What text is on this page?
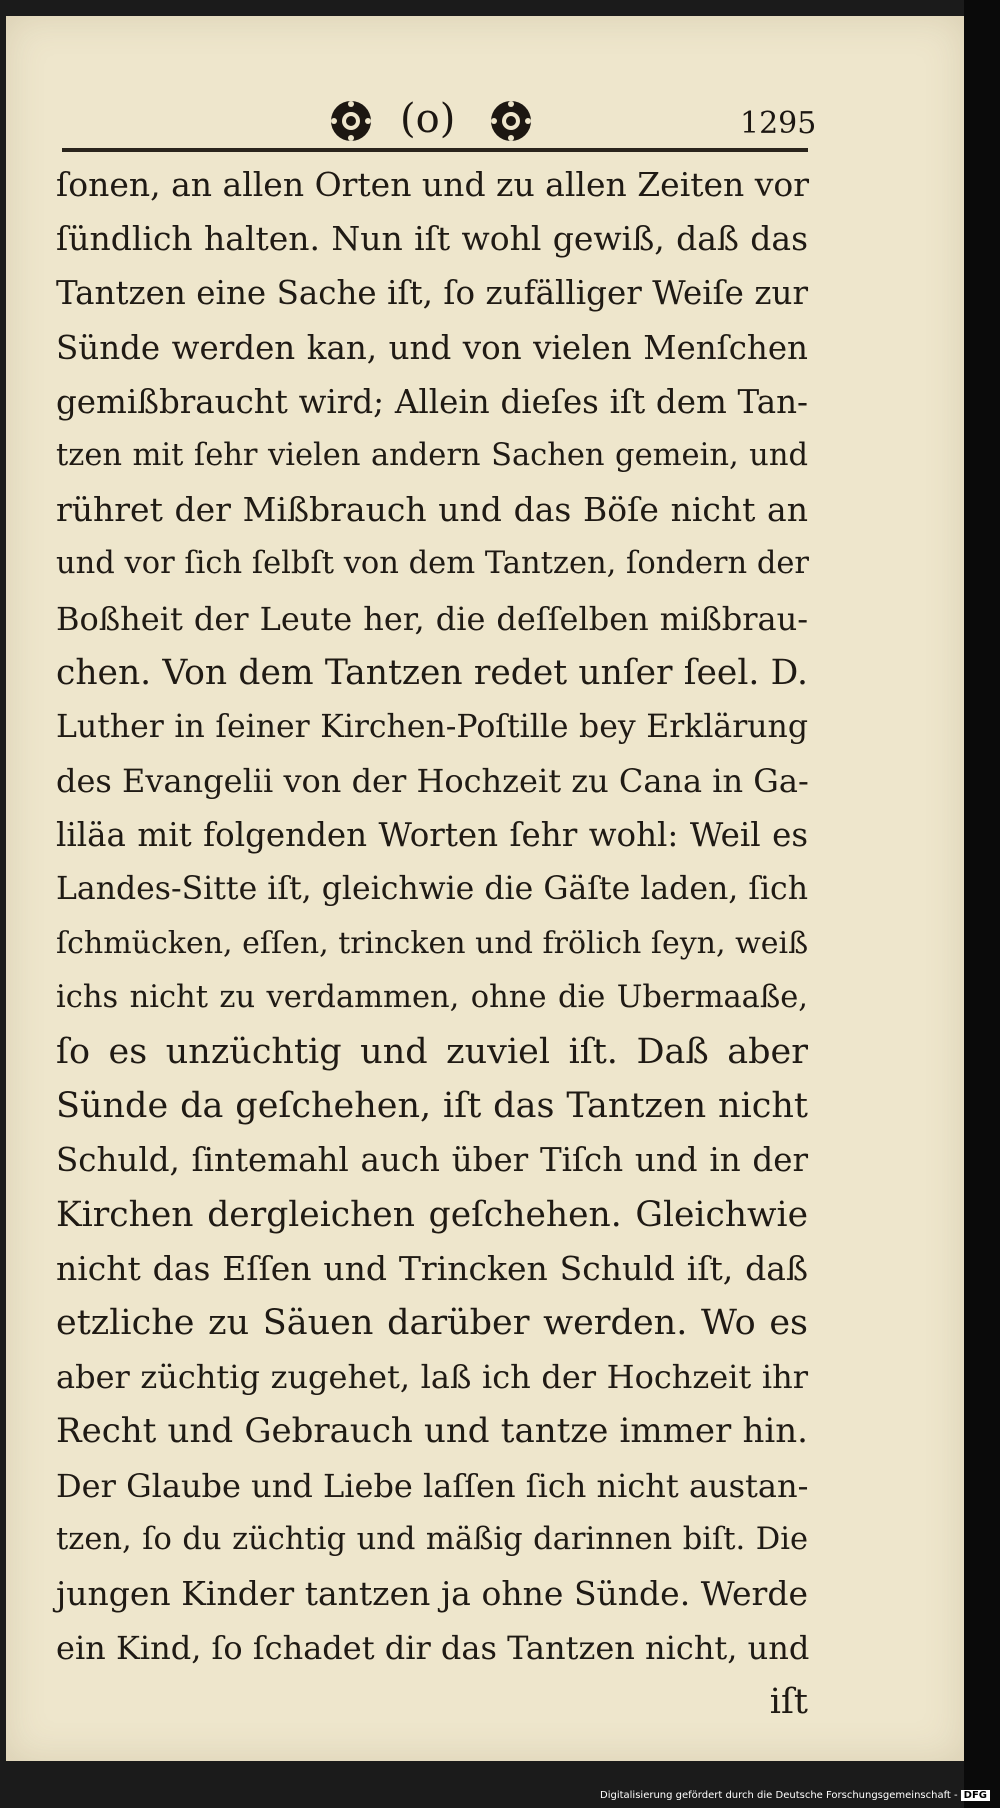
(o)	1295
ſonen, an allen Orten und zu allen Zeiten vor
ſündlich halten. Nun iſt wohl gewiß, daß das
Tantzen eine Sache iſt, ſo zufälliger Weiſe zur
Sünde werden kan, und von vielen Menſchen
gemißbraucht wird; Allein dieſes iſt dem Tan-
tzen mit ſehr vielen andern Sachen gemein, und
rühret der Mißbrauch und das Böſe nicht an
und vor ſich ſelbſt von dem Tantzen, ſondern der
Boßheit der Leute her, die deſſelben mißbrau-
chen. Von dem Tantzen redet unſer ſeel. D.
Luther in ſeiner Kirchen-Poſtille bey Erklärung
des Evangelii von der Hochzeit zu Cana in Ga-
liläa mit folgenden Worten ſehr wohl: Weil es
Landes-Sitte iſt, gleichwie die Gäſte laden, ſich
ſchmücken, eſſen, trincken und frölich ſeyn, weiß
ichs nicht zu verdammen, ohne die Ubermaaße,
ſo es unzüchtig und zuviel iſt. Daß aber
Sünde da geſchehen, iſt das Tantzen nicht
Schuld, ſintemahl auch über Tiſch und in der
Kirchen dergleichen geſchehen. Gleichwie
nicht das Eſſen und Trincken Schuld iſt, daß
etzliche zu Säuen darüber werden. Wo es
aber züchtig zugehet, laß ich der Hochzeit ihr
Recht und Gebrauch und tantze immer hin.
Der Glaube und Liebe laſſen ſich nicht austan-
tzen, ſo du züchtig und mäßig darinnen biſt. Die
jungen Kinder tantzen ja ohne Sünde. Werde
ein Kind, ſo ſchadet dir das Tantzen nicht, und
iſt
Digitalisierung gefördert durch die Deutsche Forschungsgemeinschaft - DFG
